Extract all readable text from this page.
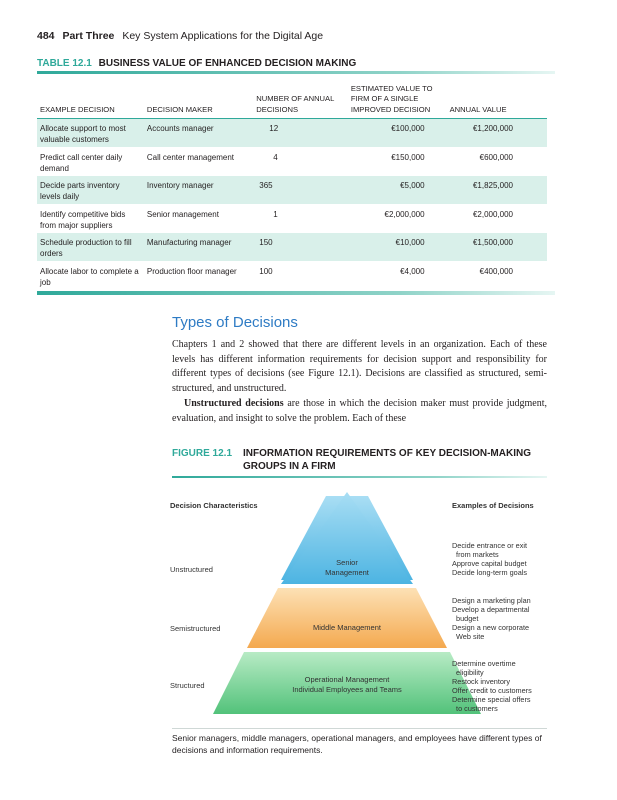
484 Part Three Key System Applications for the Digital Age
TABLE 12.1 BUSINESS VALUE OF ENHANCED DECISION MAKING
EXAMPLE DECISION	DECISION MAKER	NUMBER OF ANNUAL DECISIONS	ESTIMATED VALUE TO FIRM OF A SINGLE IMPROVED DECISION	ANNUAL VALUE
Allocate support to most valuable customers	Accounts manager	12	€100,000	€1,200,000
Predict call center daily demand	Call center management	4	€150,000	€600,000
Decide parts inventory levels daily	Inventory manager	365	€5,000	€1,825,000
Identify competitive bids from major suppliers	Senior management	1	€2,000,000	€2,000,000
Schedule production to fill orders	Manufacturing manager	150	€10,000	€1,500,000
Allocate labor to complete a job	Production floor manager	100	€4,000	€400,000
Types of Decisions

Chapters 1 and 2 showed that there are different levels in an organization. Each of these levels has different information requirements for decision support and responsibility for different types of decisions (see Figure 12.1). Decisions are classified as structured, semi-structured, and unstructured.

Unstructured decisions are those in which the decision maker must provide judgment, evaluation, and insight to solve the problem. Each of these

FIGURE 12.1 INFORMATION REQUIREMENTS OF KEY DECISION-MAKING GROUPS IN A FIRM
Decision Characteristics	Examples of Decisions
Senior
Management
Middle Management
Operational Management
Individual Employees and Teams
Unstructured
Semistructured
Structured
Decide entrance or exit
from markets
Approve capital budget
Decide long-term goals
Design a marketing plan
Develop a departmental
budget
Design a new corporate
Web site
Determine overtime
eligibility
Restock inventory
Offer credit to customers
Determine special offers
to customers
Senior managers, middle managers, operational managers, and employees have different types of decisions and information requirements.
